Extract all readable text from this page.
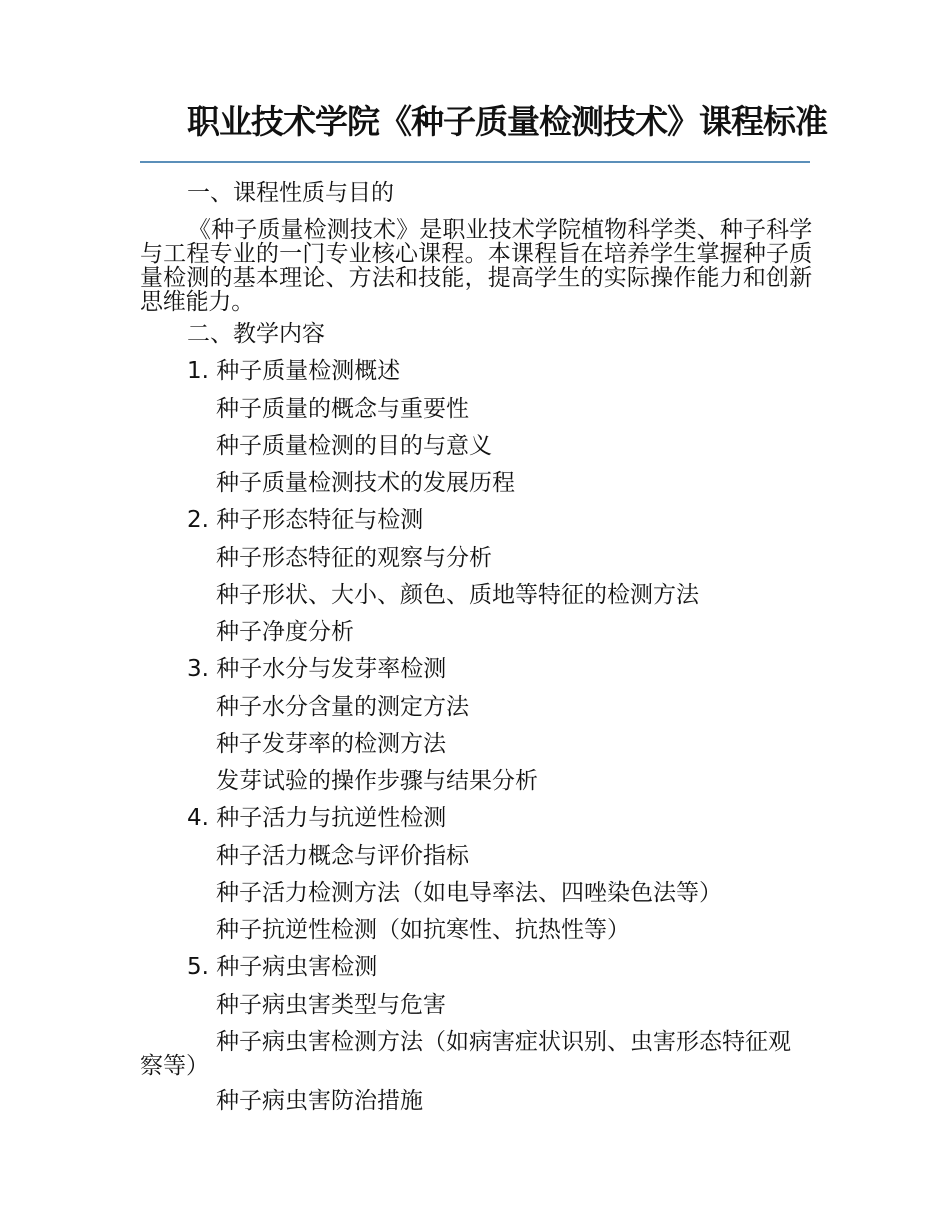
职业技术学院《种子质量检测技术》课程标准
一、课程性质与目的
《种子质量检测技术》是职业技术学院植物科学类、种子科学与工程专业的一门专业核心课程。本课程旨在培养学生掌握种子质量检测的基本理论、方法和技能，提高学生的实际操作能力和创新思维能力。
二、教学内容
1. 种子质量检测概述
种子质量的概念与重要性
种子质量检测的目的与意义
种子质量检测技术的发展历程
2. 种子形态特征与检测
种子形态特征的观察与分析
种子形状、大小、颜色、质地等特征的检测方法
种子净度分析
3. 种子水分与发芽率检测
种子水分含量的测定方法
种子发芽率的检测方法
发芽试验的操作步骤与结果分析
4. 种子活力与抗逆性检测
种子活力概念与评价指标
种子活力检测方法（如电导率法、四唑染色法等）
种子抗逆性检测（如抗寒性、抗热性等）
5. 种子病虫害检测
种子病虫害类型与危害
种子病虫害检测方法（如病害症状识别、虫害形态特征观察等）
种子病虫害防治措施
